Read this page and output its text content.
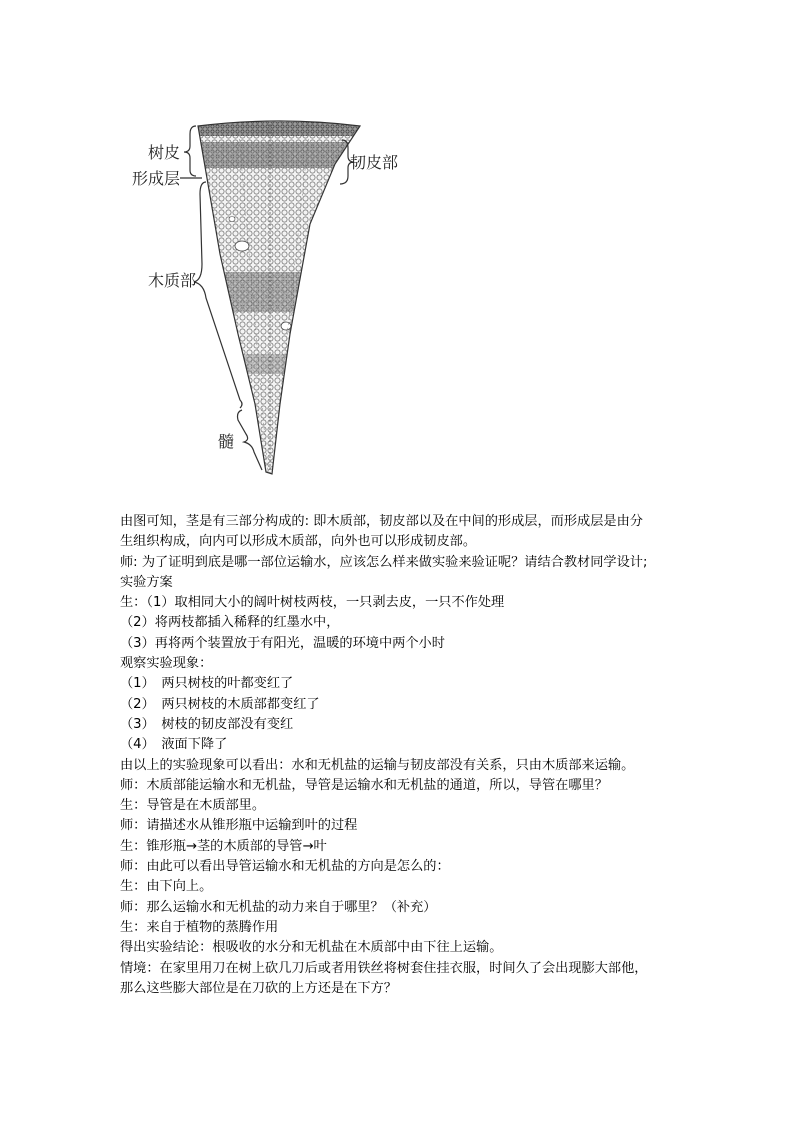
树皮
形成层
木质部
髓
韧皮部
由图可知，茎是有三部分构成的: 即木质部，韧皮部以及在中间的形成层，而形成层是由分
生组织构成，向内可以形成木质部，向外也可以形成韧皮部。
师: 为了证明到底是哪一部位运输水，应该怎么样来做实验来验证呢？请结合教材同学设计;
实验方案
生：（1）取相同大小的阔叶树枝两枝，一只剥去皮，一只不作处理
（2）将两枝都插入稀释的红墨水中，
（3）再将两个装置放于有阳光，温暖的环境中两个小时
观察实验现象：
（1）　两只树枝的叶都变红了
（2）　两只树枝的木质部都变红了
（3）　树枝的韧皮部没有变红
（4）　液面下降了
由以上的实验现象可以看出：水和无机盐的运输与韧皮部没有关系，只由木质部来运输。
师：木质部能运输水和无机盐，导管是运输水和无机盐的通道，所以，导管在哪里？
生：导管是在木质部里。
师：请描述水从锥形瓶中运输到叶的过程
生：锥形瓶→茎的木质部的导管→叶
师：由此可以看出导管运输水和无机盐的方向是怎么的：
生：由下向上。
师：那么运输水和无机盐的动力来自于哪里？（补充）
生：来自于植物的蒸腾作用
得出实验结论：根吸收的水分和无机盐在木质部中由下往上运输。
情境：在家里用刀在树上砍几刀后或者用铁丝将树套住挂衣服，时间久了会出现膨大部他，
那么这些膨大部位是在刀砍的上方还是在下方？
